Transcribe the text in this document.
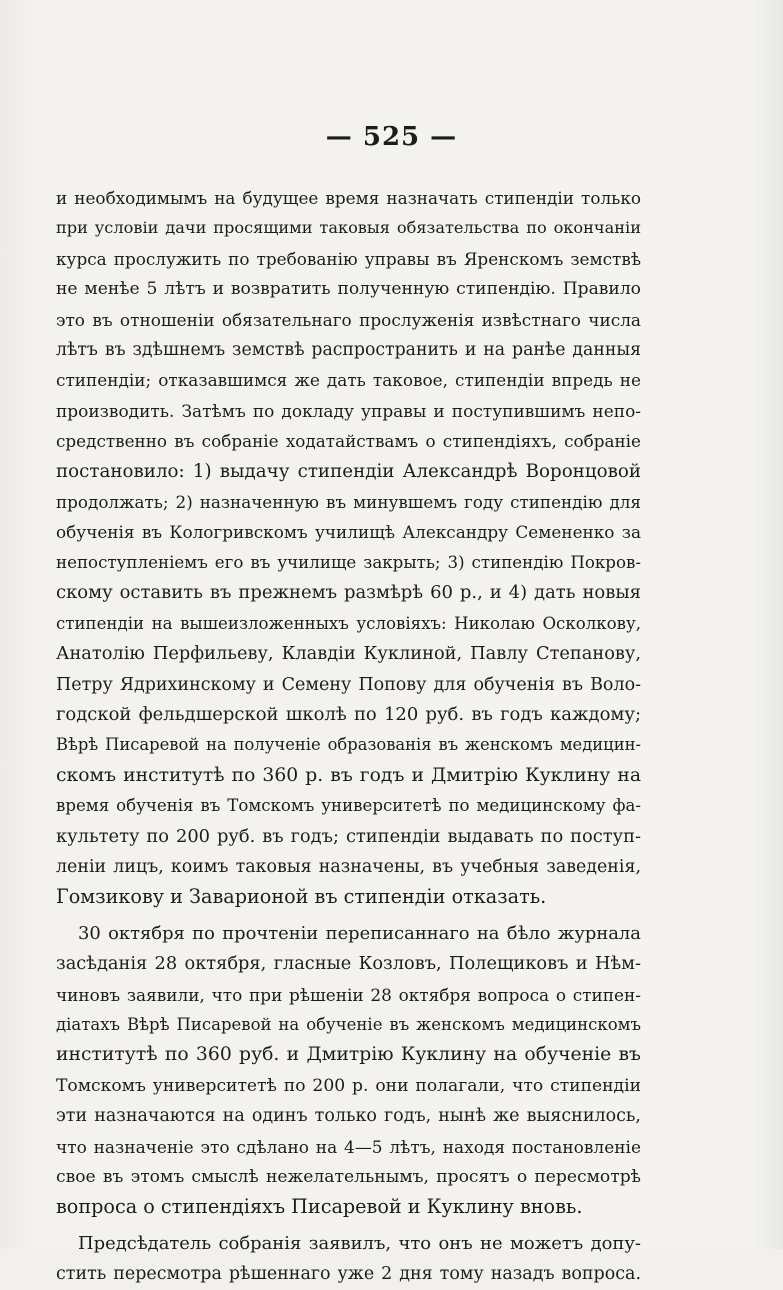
— 525 —

и необходимымъ на будущее время назначать стипендіи только
при условіи дачи просящими таковыя обязательства по окончаніи
курса прослужить по требованію управы въ Яренскомъ земствѣ
не менѣе 5 лѣтъ и возвратить полученную стипендію. Правило
это въ отношеніи обязательнаго прослуженія извѣстнаго числа
лѣтъ въ здѣшнемъ земствѣ распространить и на ранѣе данныя
стипендіи; отказавшимся же дать таковое, стипендіи впредь не
производить. Затѣмъ по докладу управы и поступившимъ непо-
средственно въ собраніе ходатайствамъ о стипендіяхъ, собраніе
постановило: 1) выдачу стипендіи Александрѣ Воронцовой
продолжать; 2) назначенную въ минувшемъ году стипендію для
обученія въ Кологривскомъ училищѣ Александру Семененко за
непоступленіемъ его въ училище закрыть; 3) стипендію Покров-
скому оставить въ прежнемъ размѣрѣ 60 р., и 4) дать новыя
стипендіи на вышеизложенныхъ условіяхъ: Николаю Осколкову,
Анатолію Перфильеву, Клавдіи Куклиной, Павлу Степанову,
Петру Ядрихинскому и Семену Попову для обученія въ Воло-
годской фельдшерской школѣ по 120 руб. въ годъ каждому;
Вѣрѣ Писаревой на полученіе образованія въ женскомъ медицин-
скомъ институтѣ по 360 р. въ годъ и Дмитрію Куклину на
время обученія въ Томскомъ университетѣ по медицинскому фа-
культету по 200 руб. въ годъ; стипендіи выдавать по поступ-
леніи лицъ, коимъ таковыя назначены, въ учебныя заведенія,
Гомзикову и Заварионой въ стипендіи отказать.

30 октября по прочтеніи переписаннаго на бѣло журнала
засѣданія 28 октября, гласные Козловъ, Полещиковъ и Нѣм-
чиновъ заявили, что при рѣшеніи 28 октября вопроса о стипен-
діатахъ Вѣрѣ Писаревой на обученіе въ женскомъ медицинскомъ
институтѣ по 360 руб. и Дмитрію Куклину на обученіе въ
Томскомъ университетѣ по 200 р. они полагали, что стипендіи
эти назначаются на одинъ только годъ, нынѣ же выяснилось,
что назначеніе это сдѣлано на 4—5 лѣтъ, находя постановленіе
свое въ этомъ смыслѣ нежелательнымъ, просятъ о пересмотрѣ
вопроса о стипендіяхъ Писаревой и Куклину вновь.

Предсѣдатель собранія заявилъ, что онъ не можетъ допу-
стить пересмотра рѣшеннаго уже 2 дня тому назадъ вопроса.
